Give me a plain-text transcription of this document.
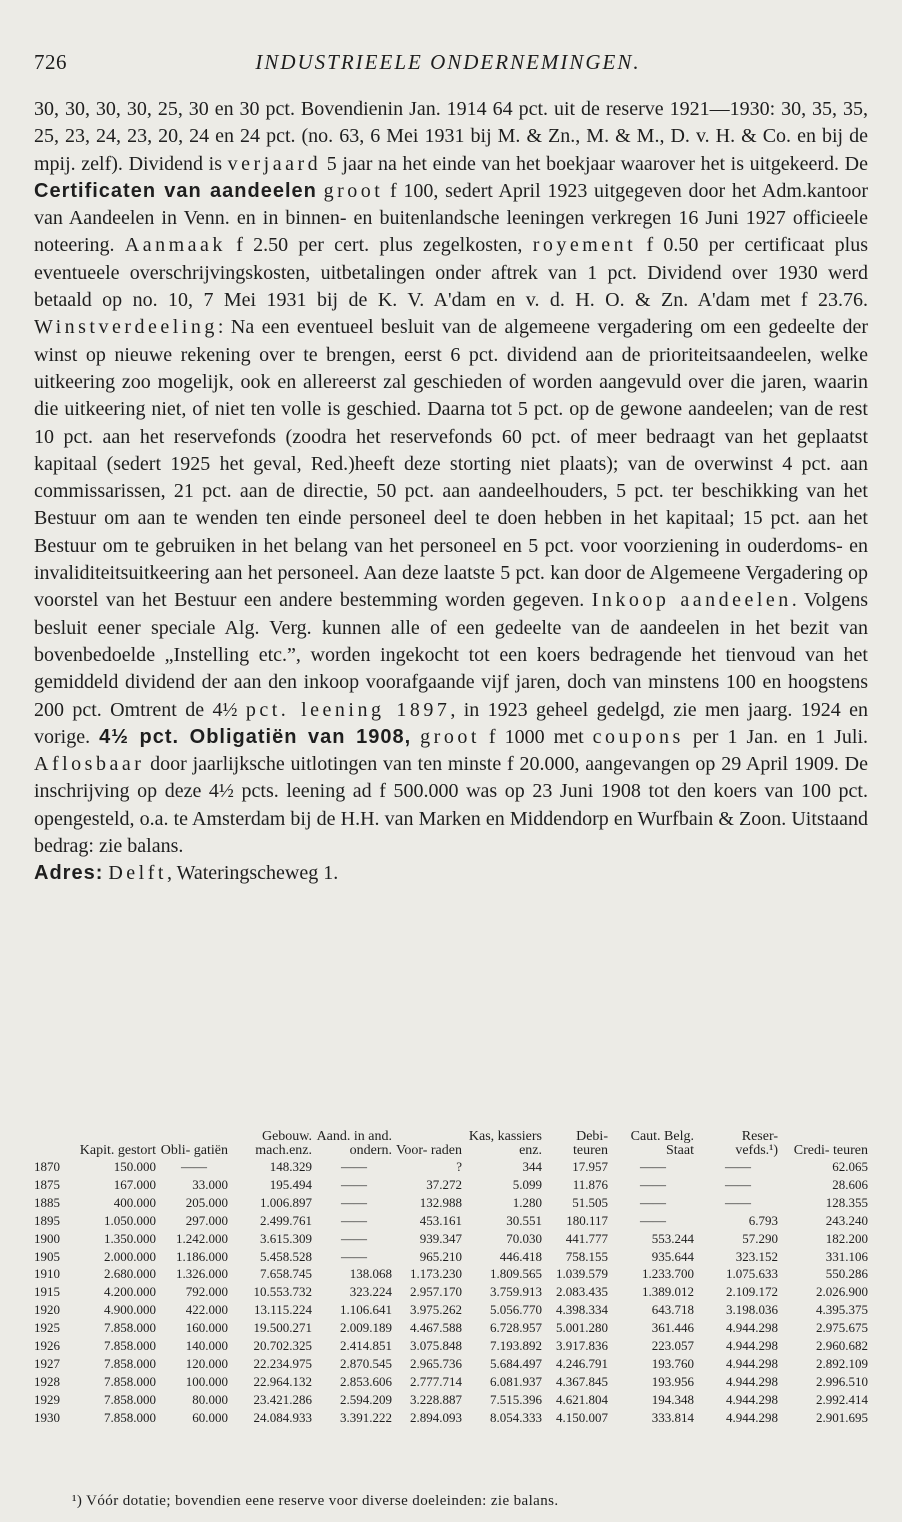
726	INDUSTRIEELE ONDERNEMINGEN.

30, 30, 30, 30, 25, 30 en 30 pct. Bovendienin Jan. 1914 64 pct. uit de reserve 1921—1930: 30, 35, 35, 25, 23, 24, 23, 20, 24 en 24 pct. (no. 63, 6 Mei 1931 bij M. & Zn., M. & M., D. v. H. & Co. en bij de mpij. zelf). Dividend is verjaard 5 jaar na het einde van het boekjaar waarover het is uitgekeerd. De Certificaten van aandeelen groot f 100, sedert April 1923 uitgegeven door het Adm.kantoor van Aandeelen in Venn. en in binnen- en buitenlandsche leeningen verkregen 16 Juni 1927 officieele noteering. Aanmaak f 2.50 per cert. plus zegelkosten, royement f 0.50 per certificaat plus eventueele overschrijvingskosten, uitbetalingen onder aftrek van 1 pct. Dividend over 1930 werd betaald op no. 10, 7 Mei 1931 bij de K. V. A'dam en v. d. H. O. & Zn. A'dam met f 23.76. Winstverdeeling: Na een eventueel besluit van de algemeene vergadering om een gedeelte der winst op nieuwe rekening over te brengen, eerst 6 pct. dividend aan de prioriteitsaandeelen, welke uitkeering zoo mogelijk, ook en allereerst zal geschieden of worden aangevuld over die jaren, waarin die uitkeering niet, of niet ten volle is geschied. Daarna tot 5 pct. op de gewone aandeelen; van de rest 10 pct. aan het reservefonds (zoodra het reservefonds 60 pct. of meer bedraagt van het geplaatst kapitaal (sedert 1925 het geval, Red.)heeft deze storting niet plaats); van de overwinst 4 pct. aan commissarissen, 21 pct. aan de directie, 50 pct. aan aandeelhouders, 5 pct. ter beschikking van het Bestuur om aan te wenden ten einde personeel deel te doen hebben in het kapitaal; 15 pct. aan het Bestuur om te gebruiken in het belang van het personeel en 5 pct. voor voorziening in ouderdoms- en invaliditeitsuitkeering aan het personeel. Aan deze laatste 5 pct. kan door de Algemeene Vergadering op voorstel van het Bestuur een andere bestemming worden gegeven. Inkoop aandeelen. Volgens besluit eener speciale Alg. Verg. kunnen alle of een gedeelte van de aandeelen in het bezit van bovenbedoelde „Instelling etc.”, worden ingekocht tot een koers bedragende het tienvoud van het gemiddeld dividend der aan den inkoop voorafgaande vijf jaren, doch van minstens 100 en hoogstens 200 pct. Omtrent de 4½ pct. leening 1897, in 1923 geheel gedelgd, zie men jaarg. 1924 en vorige. 4½ pct. Obligatiën van 1908, groot f 1000 met coupons per 1 Jan. en 1 Juli. Aflosbaar door jaarlijksche uitlotingen van ten minste f 20.000, aangevangen op 29 April 1909. De inschrijving op deze 4½ pcts. leening ad f 500.000 was op 23 Juni 1908 tot den koers van 100 pct. opengesteld, o.a. te Amsterdam bij de H.H. van Marken en Middendorp en Wurfbain & Zoon. Uitstaand bedrag: zie balans.

Adres: Delft, Wateringscheweg 1.

	Kapit. gestort	Obli- gatiën	Gebouw. mach.enz.	Aand. in and. ondern.	Voor- raden	Kas, kassiers enz.	Debi- teuren	Caut. Belg. Staat	Reser- vefds.¹)	Credi- teuren
1870	150.000	——	148.329	——	?	344	17.957	——	——	62.065
1875	167.000	33.000	195.494	——	37.272	5.099	11.876	——	——	28.606
1885	400.000	205.000	1.006.897	——	132.988	1.280	51.505	——	——	128.355
1895	1.050.000	297.000	2.499.761	——	453.161	30.551	180.117	——	6.793	243.240
1900	1.350.000	1.242.000	3.615.309	——	939.347	70.030	441.777	553.244	57.290	182.200
1905	2.000.000	1.186.000	5.458.528	——	965.210	446.418	758.155	935.644	323.152	331.106
1910	2.680.000	1.326.000	7.658.745	138.068	1.173.230	1.809.565	1.039.579	1.233.700	1.075.633	550.286
1915	4.200.000	792.000	10.553.732	323.224	2.957.170	3.759.913	2.083.435	1.389.012	2.109.172	2.026.900
1920	4.900.000	422.000	13.115.224	1.106.641	3.975.262	5.056.770	4.398.334	643.718	3.198.036	4.395.375
1925	7.858.000	160.000	19.500.271	2.009.189	4.467.588	6.728.957	5.001.280	361.446	4.944.298	2.975.675
1926	7.858.000	140.000	20.702.325	2.414.851	3.075.848	7.193.892	3.917.836	223.057	4.944.298	2.960.682
1927	7.858.000	120.000	22.234.975	2.870.545	2.965.736	5.684.497	4.246.791	193.760	4.944.298	2.892.109
1928	7.858.000	100.000	22.964.132	2.853.606	2.777.714	6.081.937	4.367.845	193.956	4.944.298	2.996.510
1929	7.858.000	80.000	23.421.286	2.594.209	3.228.887	7.515.396	4.621.804	194.348	4.944.298	2.992.414
1930	7.858.000	60.000	24.084.933	3.391.222	2.894.093	8.054.333	4.150.007	333.814	4.944.298	2.901.695
¹) Vóór dotatie; bovendien eene reserve voor diverse doeleinden: zie balans.
